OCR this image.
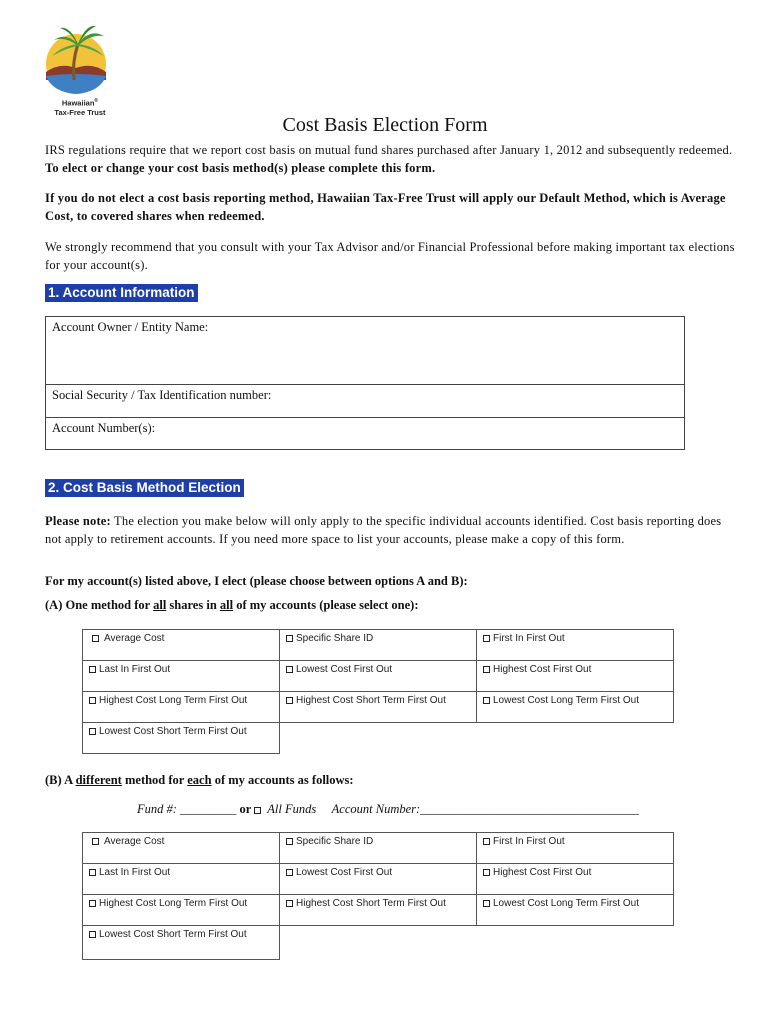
Hawaiian®
Tax-Free Trust
Cost Basis Election Form
IRS regulations require that we report cost basis on mutual fund shares purchased after January 1, 2012 and subsequently redeemed. To elect or change your cost basis method(s) please complete this form.
If you do not elect a cost basis reporting method, Hawaiian Tax-Free Trust will apply our Default Method, which is Average Cost, to covered shares when redeemed.
We strongly recommend that you consult with your Tax Advisor and/or Financial Professional before making important tax elections for your account(s).
1. Account Information
Account Owner / Entity Name:
Social Security / Tax Identification number:
Account Number(s):
2. Cost Basis Method Election
Please note: The election you make below will only apply to the specific individual accounts identified. Cost basis reporting does not apply to retirement accounts. If you need more space to list your accounts, please make a copy of this form.
For my account(s) listed above, I elect (please choose between options A and B):
(A) One method for all shares in all of my accounts (please select one):
Average Cost	Specific Share ID	First In First Out
Last In First Out	Lowest Cost First Out	Highest Cost First Out
Highest Cost Long Term First Out	Highest Cost Short Term First Out	Lowest Cost Long Term First Out
Lowest Cost Short Term First Out		
(B) A different method for each of my accounts as follows:
Fund #: _________ or All Funds Account Number:___________________________________
Average Cost	Specific Share ID	First In First Out
Last In First Out	Lowest Cost First Out	Highest Cost First Out
Highest Cost Long Term First Out	Highest Cost Short Term First Out	Lowest Cost Long Term First Out
Lowest Cost Short Term First Out		
